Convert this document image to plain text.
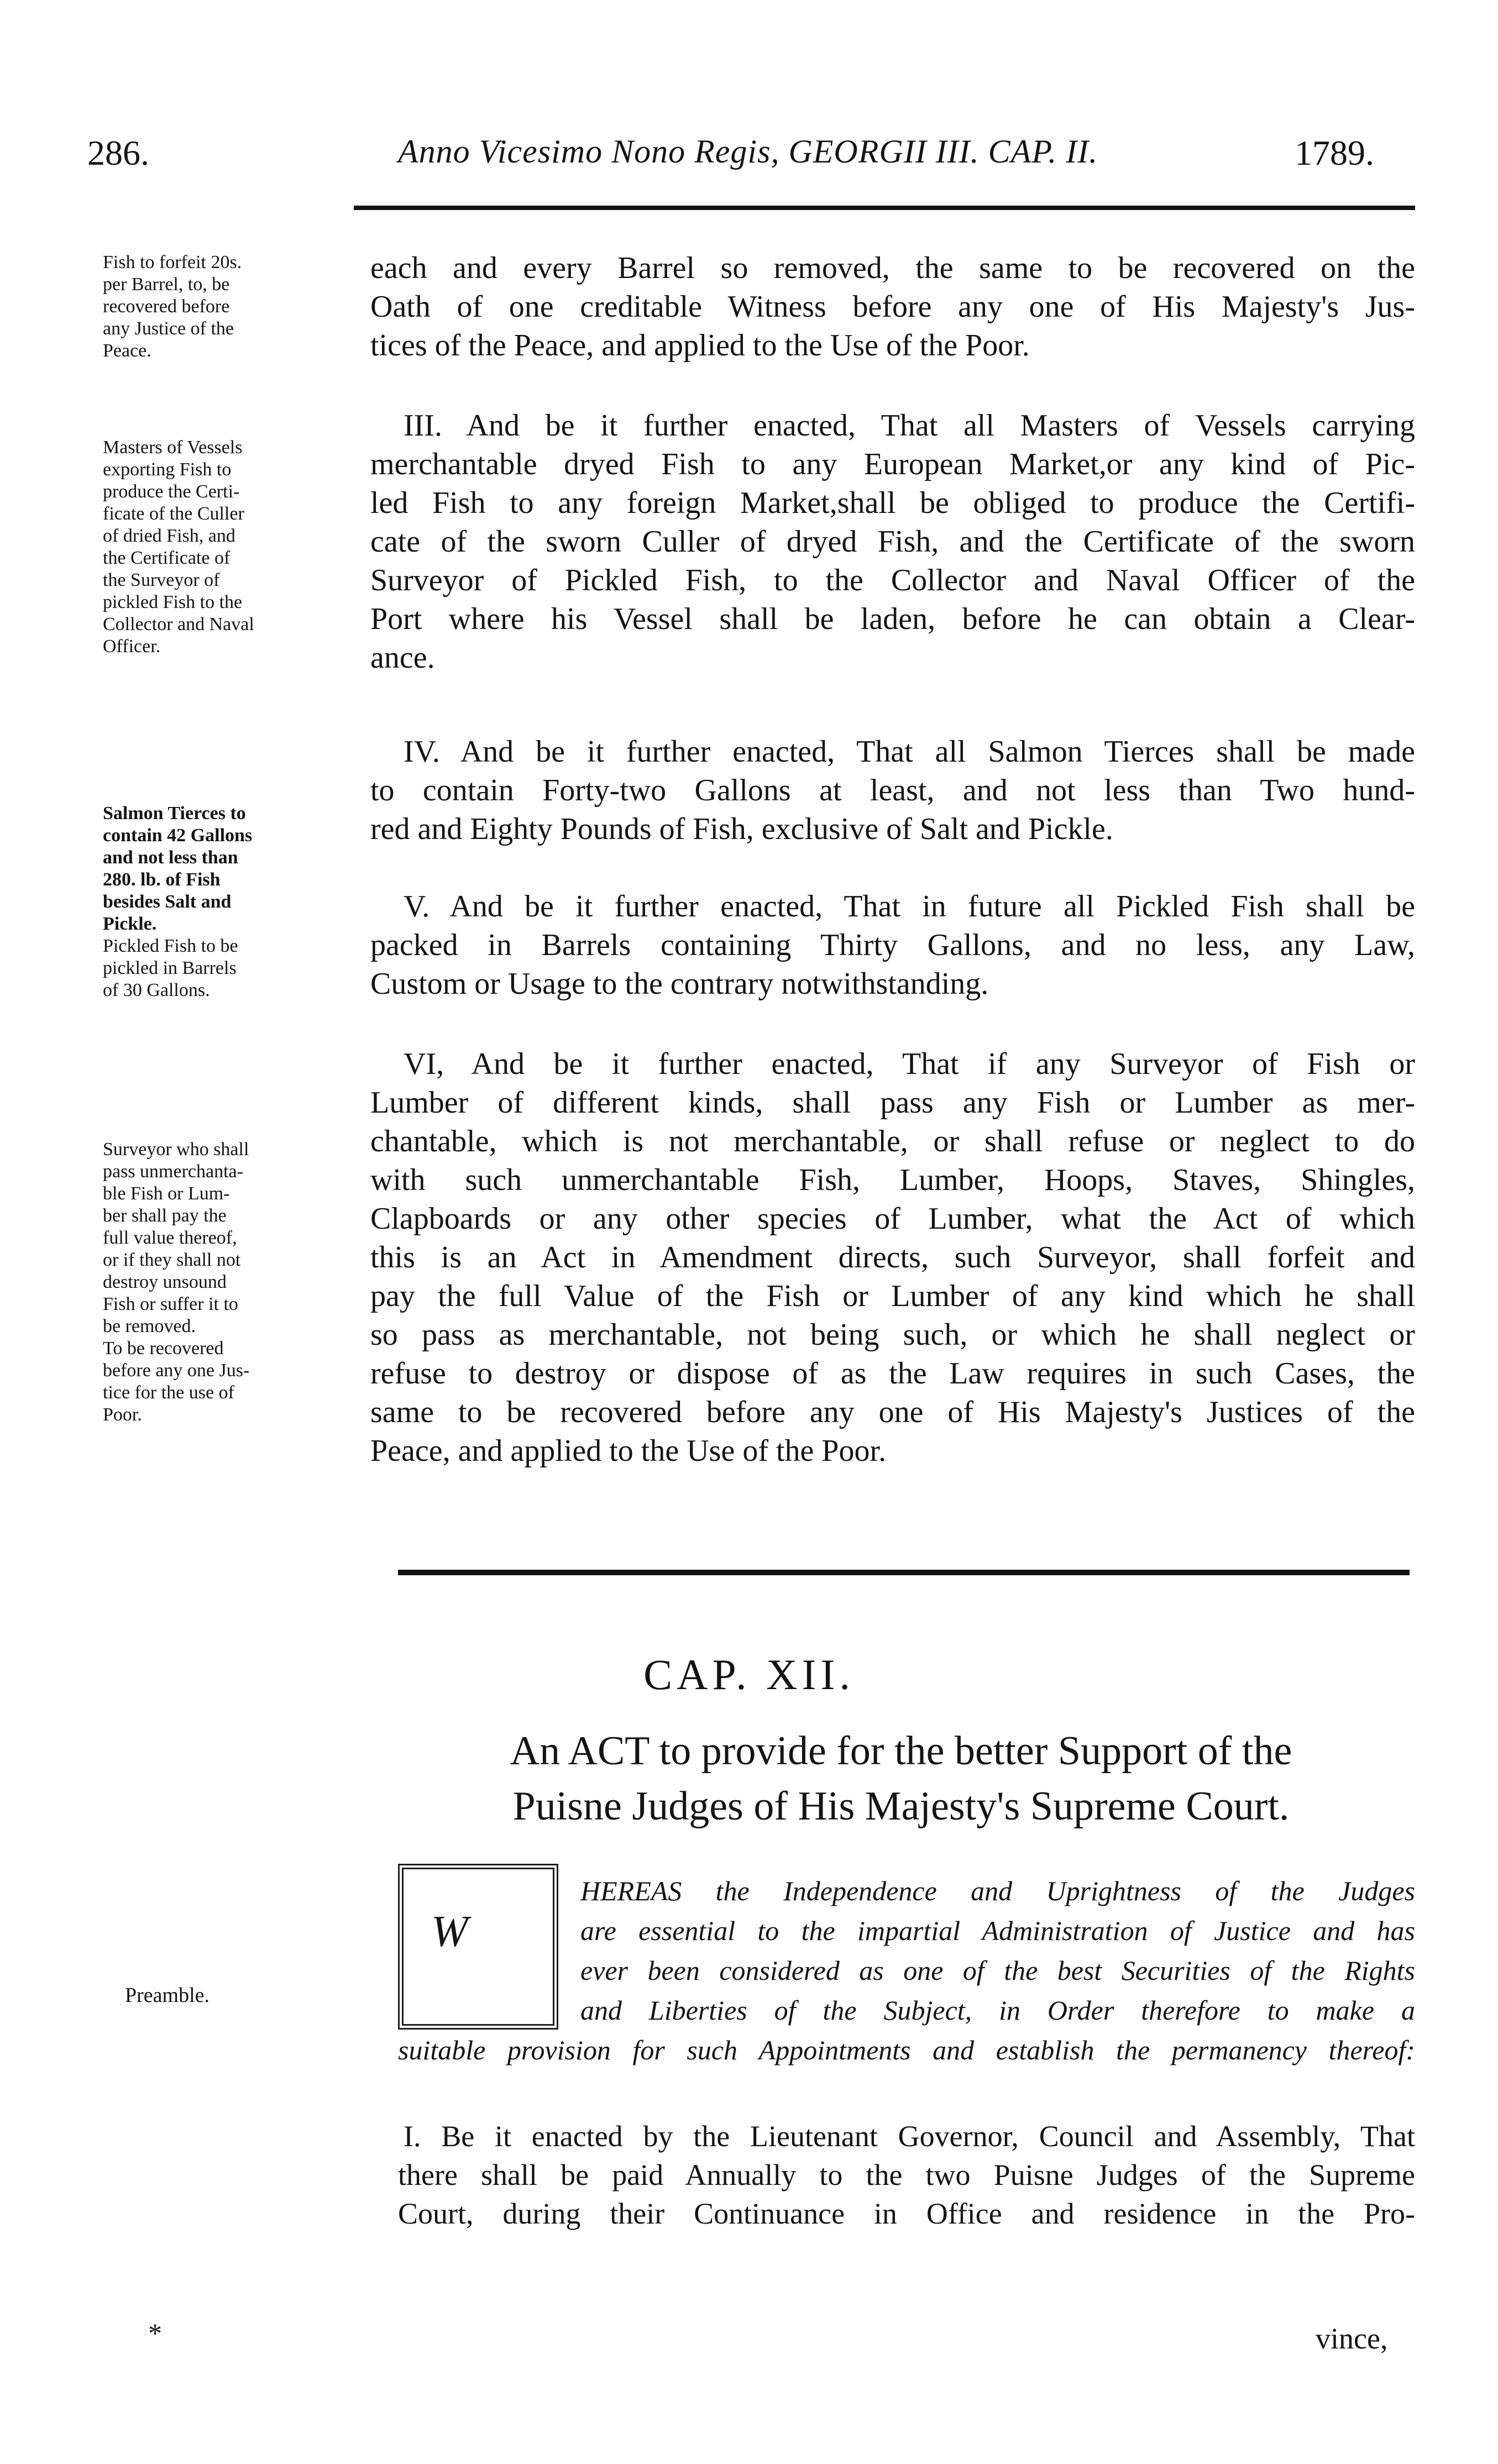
286.	Anno Vicesimo Nono Regis, GEORGII III. CAP. II.	1789.
Fish to forfeit 20s.
per Barrel, to, be
recovered before
any Justice of the
Peace.
Masters of Vessels
exporting Fish to
produce the Certi-
ficate of the Culler
of dried Fish, and
the Certificate of
the Surveyor of
pickled Fish to the
Collector and Naval
Officer.
Salmon Tierces to
contain 42 Gallons
and not less than
280. lb. of Fish
besides Salt and
Pickle.
Pickled Fish to be
pickled in Barrels
of 30 Gallons.
Surveyor who shall
pass unmerchanta-
ble Fish or Lum-
ber shall pay the
full value thereof,
or if they shall not
destroy unsound
Fish or suffer it to
be removed.
To be recovered
before any one Jus-
tice for the use of
Poor.
Preamble.
each and every Barrel so removed, the same to be recovered on the
Oath of one creditable Witness before any one of His Majesty's Jus-
tices of the Peace, and applied to the Use of the Poor.
III. And be it further enacted, That all Masters of Vessels carrying
merchantable dryed Fish to any European Market,or any kind of Pic-
led Fish to any foreign Market,shall be obliged to produce the Certifi-
cate of the sworn Culler of dryed Fish, and the Certificate of the sworn
Surveyor of Pickled Fish, to the Collector and Naval Officer of the
Port where his Vessel shall be laden, before he can obtain a Clear-
ance.
IV. And be it further enacted, That all Salmon Tierces shall be made
to contain Forty-two Gallons at least, and not less than Two hund-
red and Eighty Pounds of Fish, exclusive of Salt and Pickle.
V. And be it further enacted, That in future all Pickled Fish shall be
packed in Barrels containing Thirty Gallons, and no less, any Law,
Custom or Usage to the contrary notwithstanding.
VI, And be it further enacted, That if any Surveyor of Fish or
Lumber of different kinds, shall pass any Fish or Lumber as mer-
chantable, which is not merchantable, or shall refuse or neglect to do
with such unmerchantable Fish, Lumber, Hoops, Staves, Shingles,
Clapboards or any other species of Lumber, what the Act of which
this is an Act in Amendment directs, such Surveyor, shall forfeit and
pay the full Value of the Fish or Lumber of any kind which he shall
so pass as merchantable, not being such, or which he shall neglect or
refuse to destroy or dispose of as the Law requires in such Cases, the
same to be recovered before any one of His Majesty's Justices of the
Peace, and applied to the Use of the Poor.
CAP. XII.
An ACT to provide for the better Support of the
Puisne Judges of His Majesty's Supreme Court.
W
HEREAS the Independence and Uprightness of the Judges
are essential to the impartial Administration of Justice and has
ever been considered as one of the best Securities of the Rights
and Liberties of the Subject, in Order therefore to make a
suitable provision for such Appointments and establish the permanency thereof:
I. Be it enacted by the Lieutenant Governor, Council and Assembly, That
there shall be paid Annually to the two Puisne Judges of the Supreme
Court, during their Continuance in Office and residence in the Pro-
*	vince,
